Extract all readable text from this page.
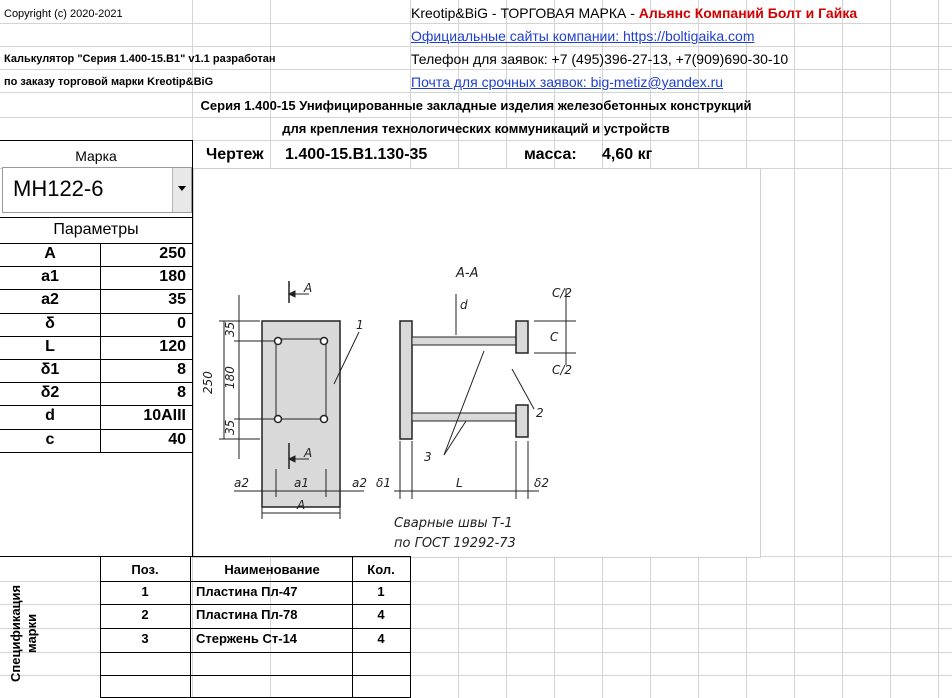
Copyright (c) 2020-2021
Калькулятор "Серия 1.400-15.В1" v1.1 разработан
по заказу торговой марки Kreotip&BiG
Kreotip&BiG - ТОРГОВАЯ МАРКА - Альянс Компаний Болт и Гайка
Официальные сайты компании: https://boltigaika.com
Телефон для заявок: +7 (495)396-27-13, +7(909)690-30-10
Почта для срочных заявок: big-metiz@yandex.ru
Серия 1.400-15 Унифицированные закладные изделия железобетонных конструкций
для крепления технологических коммуникаций и устройств
Марка
МН122-6
Чертеж 1.400-15.В1.130-35	масса: 4,60 кг
Параметры
A	250
a1	180
a2	35
δ	0
L	120
δ1	8
δ2	8
d	10AIII
c	40
A
A
250
35
180
35
a2	a1	a2
A
1
А-А
d
C/2
C
C/2
2
3
δ1	L	δ2
Сварные швы Т-1
по ГОСТ 19292-73
Спецификация марки
Поз.	Наименование	Кол.
1	Пластина Пл-47	1
2	Пластина Пл-78	4
3	Стержень Ст-14	4
